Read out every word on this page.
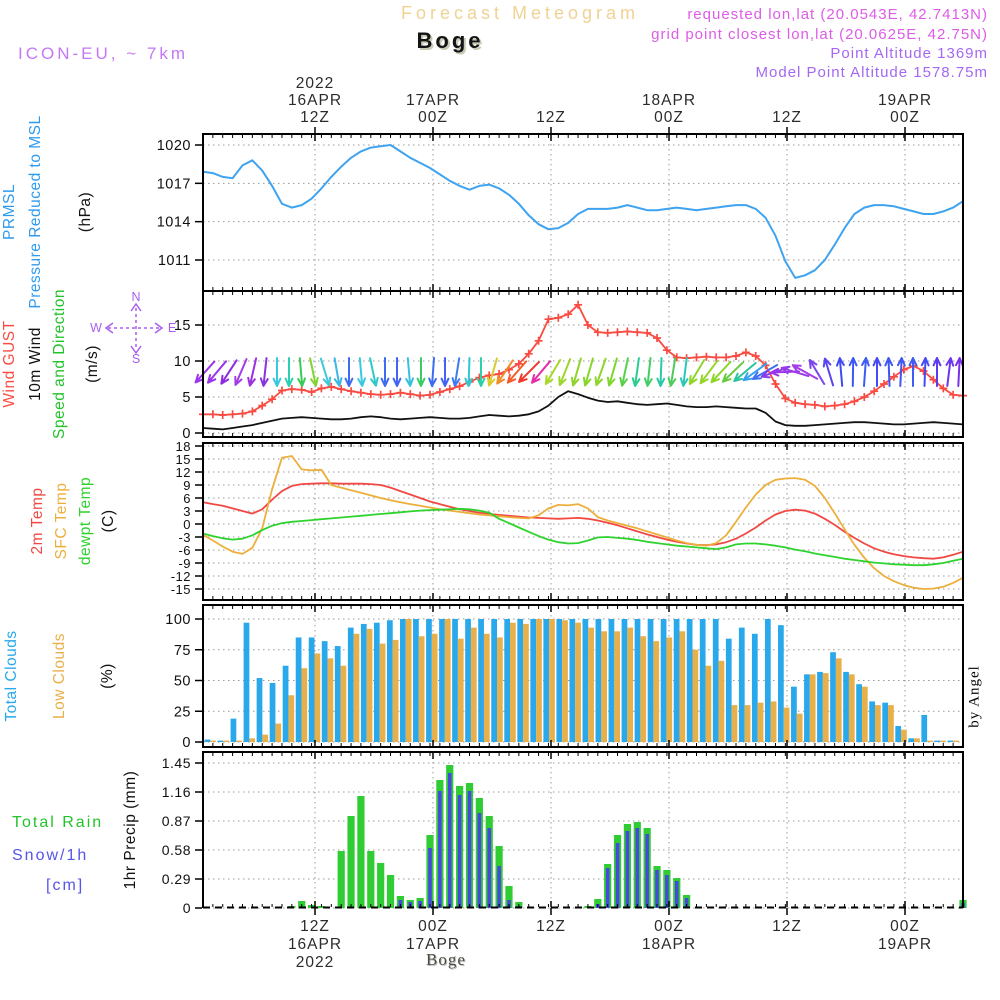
Forecast Meteogram
Boge
requested lon,lat (20.0543E, 42.7413N)
grid point closest lon,lat (20.0625E, 42.75N)
Point Altitude 1369m
Model Point Altitude 1578.75m
ICON-EU, ~ 7km
1020
1017
1014
1011
PRMSL Pressure Reduced to MSL (hPa)
N
S
W	E
15
10
5
0
Wind GUST 10m Wind Speed and Direction (m/s)
18
15
12
9
6
3
0
-3
-6
-9
-12
-15
2m Temp SFC Temp dewpt Temp (C)
100
75
50
25
0
Total Clouds Low Clouds (%)
1.45
1.16
0.87
0.58
0.29
0
1hr Precip (mm)
Total Rain
Snow/1h
[cm]
12Z
16APR
2022
00Z
17APR
12Z	00Z
18APR
12Z	00Z
19APR
12Z
16APR
2022
00Z
17APR
12Z	00Z
18APR
12Z	00Z
19APR
by Angel
Boge
